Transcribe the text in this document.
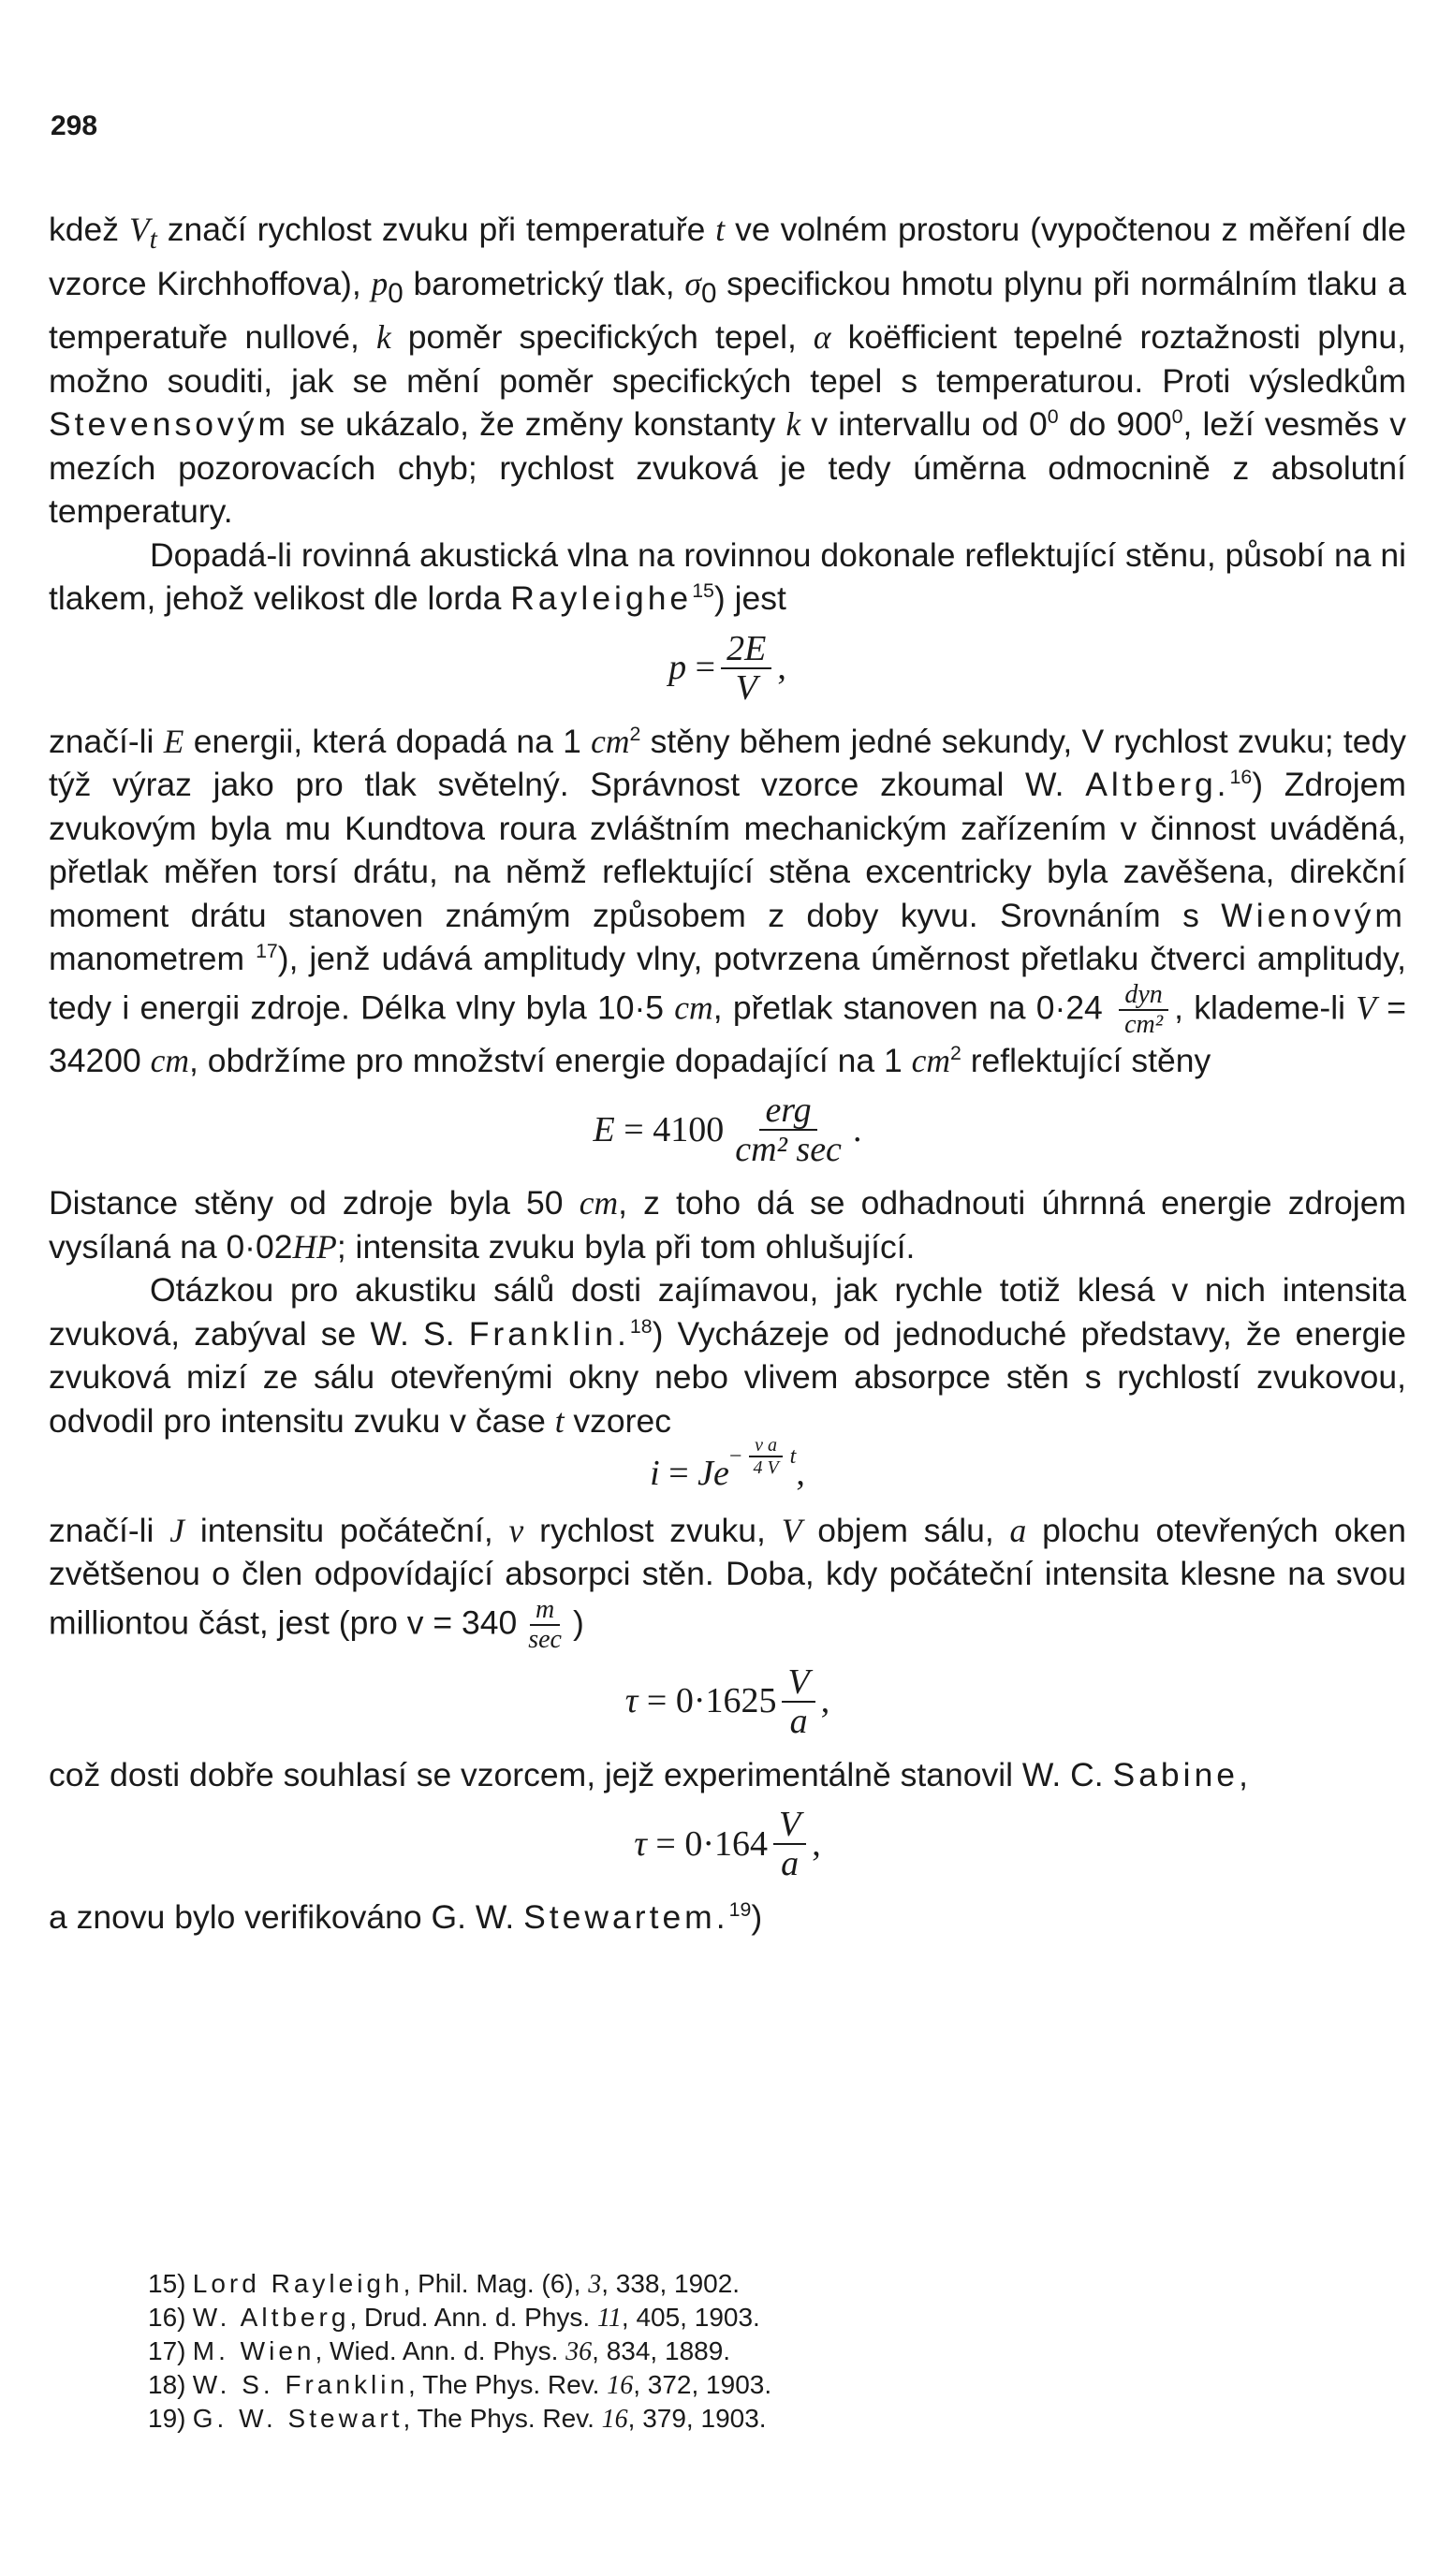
298

kdež $V_t$ značí rychlost zvuku při temperatuře t ve volném prostoru (vypočtenou z měření dle vzorce Kirchhoffova), $p_0$ barometrický tlak, $\sigma_0$ specifickou hmotu plynu při normálním tlaku a temperatuře nullové, k poměr specifických tepel, α koëfficient tepelné roztažnosti plynu, možno souditi, jak se mění poměr specifických tepel s temperaturou. Proti výsledkům Stevensovým se ukázalo, že změny konstanty k v intervallu od $0^0$ do $900^0$, leží vesměs v mezích pozorovacích chyb; rychlost zvuková je tedy úměrna odmocnině z absolutní temperatury.

Dopadá-li rovinná akustická vlna na rovinnou dokonale reflektující stěnu, působí na ni tlakem, jehož velikost dle lorda Rayleighe$^{15}$) jest

p
= $\frac{2E}{V}$ ,

značí-li E energii, která dopadá na 1 $cm^2$ stěny během jedné sekundy, V rychlost zvuku; tedy týž výraz jako pro tlak světelný. Správnost vzorce zkoumal W. Altberg.$^{16}$) Zdrojem zvukovým byla mu Kundtova roura zvláštním mechanickým zařízením v činnost uváděná, přetlak měřen torsí drátu, na němž reflektující stěna excentricky byla zavěšena, direkční moment drátu stanoven známým způsobem z doby kyvu. Srovnáním s Wienovým manometrem $^{17}$), jenž udává amplitudy vlny, potvrzena úměrnost přetlaku čtverci amplitudy, tedy i energii zdroje. Délka vlny byla 10·5 cm, přetlak stanoven na $0\cdot 24 \frac{\text{dyn}}{\text{cm²}}$ , klademe-li V = 34200 cm, obdržíme pro množství energie dopadající na 1 $cm^2$ reflektující stěny

E
= $4100 \frac{\text{erg}}{\text{cm² sec}}$ .

Distance stěny od zdroje byla 50 cm, z toho dá se odhadnouti úhrnná energie zdrojem vysílaná na 0·02HP; intensita zvuku byla při tom ohlušující.

Otázkou pro akustiku sálů dosti zajímavou, jak rychle totiž klesá v nich intensita zvuková, zabýval se W. S. Franklin.$^{18}$) Vycházeje od jednoduché představy, že energie zvuková mizí ze sálu otevřenými okny nebo vlivem absorpce stěn s rychlostí zvukovou, odvodil pro intensitu zvuku v čase t vzorec

i
=
J e $^{- \frac{\text{v a}}{4 V} t}$ ,

značí-li J intensitu počáteční, v rychlost zvuku, V objem sálu, a plochu otevřených oken zvětšenou o člen odpovídající absorpci stěn. Doba, kdy počáteční intensita klesne na svou milliontou část, jest (pro $v = 340 \frac{m}{\sec}$ )

τ
= $0\cdot 1625 \frac{V}{a}$ ,

což dosti dobře souhlasí se vzorcem, jejž experimentálně stanovil W. C. Sabine,

τ
= $0\cdot 164 \frac{V}{a}$ ,

a znovu bylo verifikováno G. W. Stewartem.$^{19}$)

15) Lord Rayleigh, Phil. Mag. (6), 3, 338, 1902.
16) W. Altberg, Drud. Ann. d. Phys. 11, 405, 1903.
17) M. Wien, Wied. Ann. d. Phys. 36, 834, 1889.
18) W. S. Franklin, The Phys. Rev. 16, 372, 1903.
19) G. W. Stewart, The Phys. Rev. 16, 379, 1903.
